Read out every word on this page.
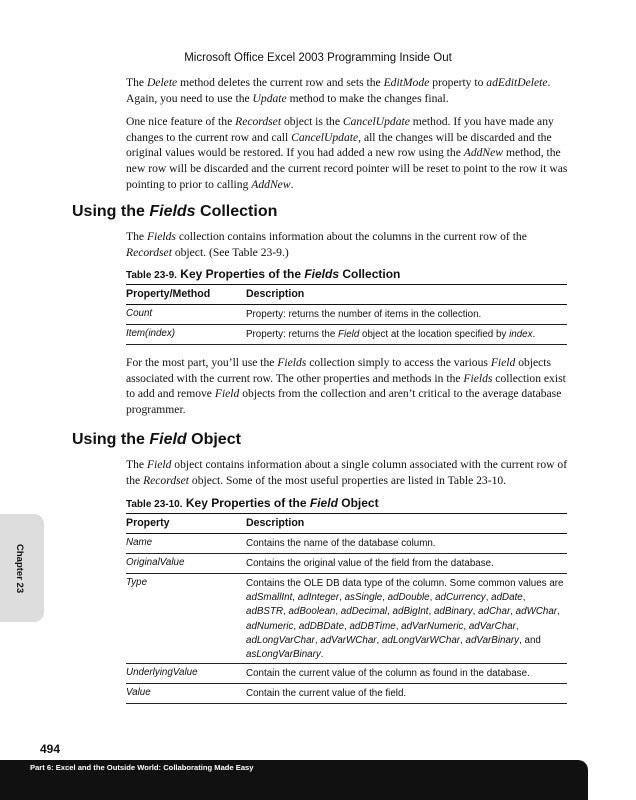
Microsoft Office Excel 2003 Programming Inside Out

The Delete method deletes the current row and sets the EditMode property to adEditDelete. Again, you need to use the Update method to make the changes final.

One nice feature of the Recordset object is the CancelUpdate method. If you have made any changes to the current row and call CancelUpdate, all the changes will be discarded and the original values would be restored. If you had added a new row using the AddNew method, the new row will be discarded and the current record pointer will be reset to point to the row it was pointing to prior to calling AddNew.

Using the Fields Collection

The Fields collection contains information about the columns in the current row of the Recordset object. (See Table 23-9.)

Table 23-9. Key Properties of the Fields Collection
Property/Method	Description
Count	Property: returns the number of items in the collection.
Item(index)	Property: returns the Field object at the location specified by index.

For the most part, you’ll use the Fields collection simply to access the various Field objects associated with the current row. The other properties and methods in the Fields collection exist to add and remove Field objects from the collection and aren’t critical to the average database programmer.

Using the Field Object

The Field object contains information about a single column associated with the current row of the Recordset object. Some of the most useful properties are listed in Table 23-10.

Table 23-10. Key Properties of the Field Object
Property	Description
Name	Contains the name of the database column.
OriginalValue	Contains the original value of the field from the database.
Type	Contains the OLE DB data type of the column. Some common values are adSmallInt, adInteger, asSingle, adDouble, adCurrency, adDate, adBSTR, adBoolean, adDecimal, adBigInt, adBinary, adChar, adWChar, adNumeric, adDBDate, adDBTime, adVarNumeric, adVarChar, adLongVarChar, adVarWChar, adLongVarWChar, adVarBinary, and asLongVarBinary.
UnderlyingValue	Contain the current value of the column as found in the database.
Value	Contain the current value of the field.
Chapter 23
494
Part 6: Excel and the Outside World: Collaborating Made Easy
